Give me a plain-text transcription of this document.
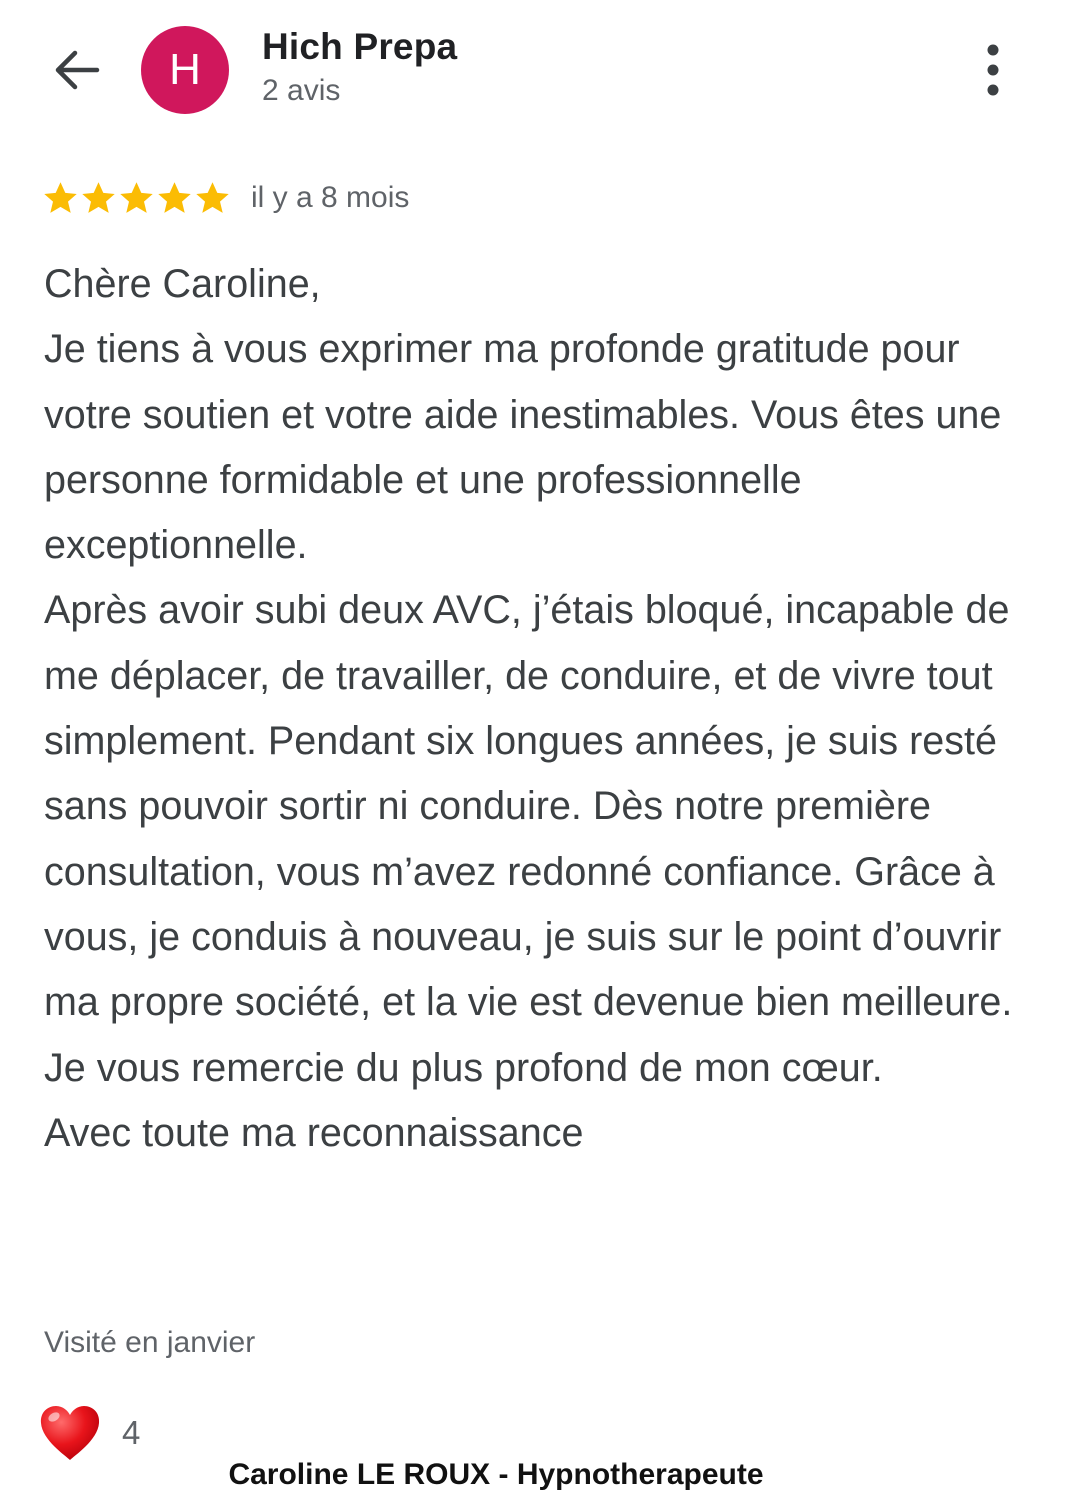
H Hich Prepa
2 avis
il y a 8 mois

Chère Caroline,

Je tiens à vous exprimer ma profonde gratitude pour votre soutien et votre aide inestimables. Vous êtes une personne formidable et une professionnelle exceptionnelle.

Après avoir subi deux AVC, j’étais bloqué, incapable de me déplacer, de travailler, de conduire, et de vivre tout simplement. Pendant six longues années, je suis resté sans pouvoir sortir ni conduire. Dès notre première consultation, vous m’avez redonné confiance. Grâce à vous, je conduis à nouveau, je suis sur le point d’ouvrir ma propre société, et la vie est devenue bien meilleure.

Je vous remercie du plus profond de mon cœur.

Avec toute ma reconnaissance

Visité en janvier
4
Caroline LE ROUX - Hypnotherapeute
